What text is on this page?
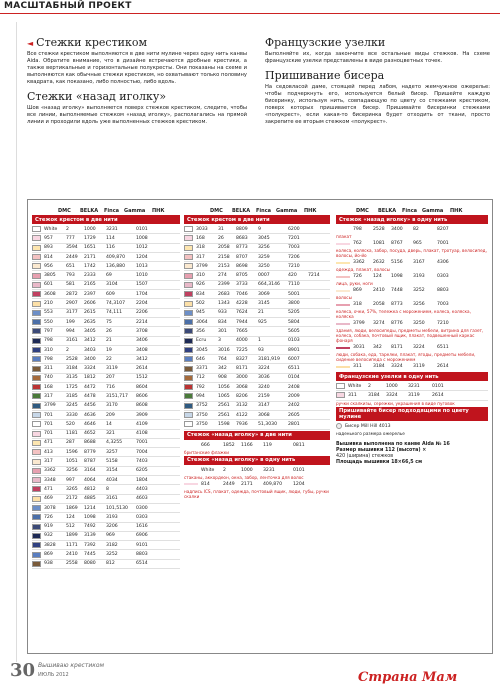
МАСШТАБНЫЙ ПРОЕКТ
◄ Стежки крестиком

Все стежки крестиком выполняются в две нити мулине через одну нить канвы Aida. Обратите внимание, что в дизайне встречаются дробные крестики, а также вертикальные и горизонтальные полукресты. Они показаны на схеме и выполняются как обычные стежки крестиком, но охватывают только половину квадрата, как показано, либо полностью, либо вдоль.

Стежки «назад иголку»

Шов «назад иголку» выполняется поверх стежков крестиком, следите, чтобы все линии, выполняемые стежком «назад иголку», располагались на прямой линии и проходили вдоль уже выполненных стежков крестиком.

Французские узелки

Выполняйте их, когда закончите все остальные виды стежков. На схеме французские узелки представлены в виде разноцветных точек.

Пришивание бисера

На седовласой даме, стоящей перед лабом, надето жемчужное ожерелье: чтобы подчеркнуть его, используется белый бисер. Пришейте каждую бисеринку, используя нить, совпадающую по цвету со стежками крестиком, поверх которых пришивается бисер. Пришивайте бисеринки стежками «полукрест», если какая-то бисеринка будет отходить от ткани, просто закрепите ее вторым стежком «полукрест».

DMC	BELKA	Finca Gamma	ПНК
Стежок крестом в две нити
White	2	1000	3231	0101
957	777	1729	114	1008
893	3594	1651	116	1012
814	2449	2171	409,870	1204
956	651	1742	136,880	1013
3805	793	2333	69	1010
601	581	2165	3104	1507
3608	2872	2397	609	1704
210	2907	2606	74,3107	2204
553	3177	2615	74,111	2206
550	199	2635	75	2214
797	994	3405	26	3708
798	3161	3412	21	3406
310	2	3403	19	3408
798	2528	3400	22	3412
311	3184	3324	3119	2614
740	3135	1812	207	1512
168	1725	4472	716	8604
317	3185	4478	3151,717	8606
3799	3245	4456	3170	8608
701	3330	4636	209	3909
701	520	4646	14	4109
701	1181	4652	321	4108
471	287	8688	4,3255	7001
413	1596	8779	3257	7004
317	1051	8787	5158	7403
3362	3256	3164	3154	6205
3348	997	4064	4034	1804
471	3265	4812	8	4403
469	2172	4885	3161	4603
3078	1869	1214	101,5130	0300
726	124	1098	3193	0303
919	512	7492	3206	1616
932	1899	3139	969	6906
3828	1171	7392	3182	9101
869	2410	7445	3252	8803
938	2558	8080	812	6514
DMC	BELKA	Finca Gamma	ПНК
Стежок крестом в две нити
3033	31	8809	9	6200
168	26	8683	3045	7201
318	2058	8773	3256	7003
317	2158	8707	3259	7206
3799	2153	8698	3250	7210
310	274	8705	0007	420	7214
926	2399	3733	664,3146	7110
834	2683	7046	3069	5001
502	1343	4228	3145	3800
945	933	7624	21	5205
3064	834	7944	925	5804
356	301	7665	5605
Ecru	3	4000	1	0103
3045	3016	7225	93	8901
646	764	8327	3181,919	6007
3371	342	8171	3224	6511
712	908	3000	3036	0104
792	1056	3068	3240	2408
994	1065	8206	2159	2009
3752	2561	3132	3147	2402
3750	2561	4122	3068	2605
3750	1598	7936	51,3030	2801
Стежок «назад иголку» в две нити
666	1852	1166	119	0811
британские флажки
Стежок «назад иголку» в одну нить
White	2	1000	3231	0101
стаканы, аккордеон, окна, забор, ленточка для волос
814	2449	2171	409,870	1204
надпись ICS, плакат, одежда, почтовый ящик, люди, губы, ручки скалки
DMC	BELKA	Finca Gamma	ПНК
Стежок «назад иголку» в одну нить
798	2528	3400	82	8207
плакат
762	1081	8767	965	7001
колеса, коляска, забор, посуда, дверь, плакат, тротуар, велосипед, волосы, йо-йо
3362	2632	5156	3167	4306
одежда, плакат, волосы
726	124	1098	3193	0303
лица, руки, ноги
869	2410	7448	3252	8803
волосы
318	2058	8773	3256	7003
колеса, очки, 57%, тележка с морожением, колеса, коляска, коляска
3799	3274	8776	3250	7210
здания, люди, велосипеды, предметы мебели, витрина для газет, колеса, собака, почтовый ящик, плакат, подвешенный каркас фонаря
3031	342	8171	3224	6511
люди, собака, еда, тарелки, плакат, ягоды, предметы мебели, сидение велосипеда с морожением
311	3184	3324	3119	2614
Французские узелки в одну нить
White	2	1000	3231	0101
311	3184	3324	3119	2614
ручки скалкизы, сережки, украшения в виде пуговок
Пришивайте бисер подходящими по цвету мулине
Бисер Mill Hill 4013
наденького размера ожерелье
Вышивка выполнена по канве Aida № 16
Размер вышивки 112 (высота) ×
420 (ширина) стежков
Площадь вышивки 18×66,5 см
30 Вышиваю крестиком
ИЮЛЬ 2012	Страна Мам
